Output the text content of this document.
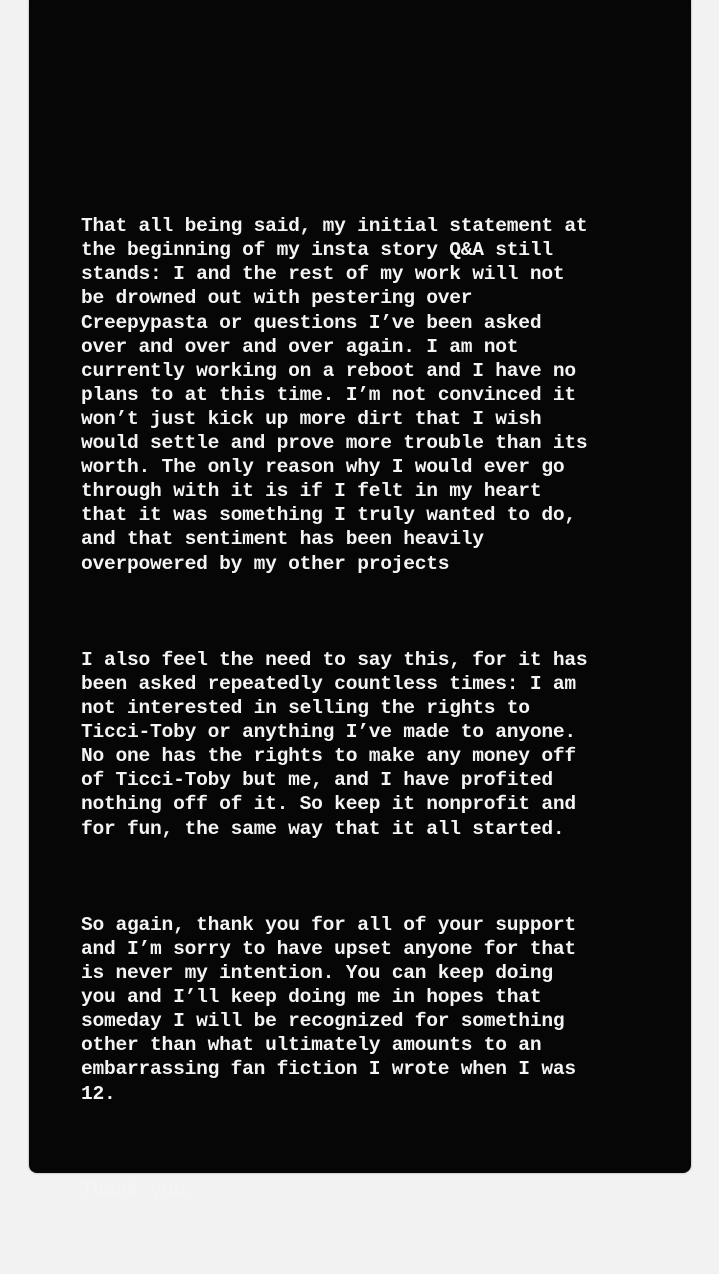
That all being said, my initial statement at
the beginning of my insta story Q&A still
stands: I and the rest of my work will not
be drowned out with pestering over
Creepypasta or questions I’ve been asked
over and over and over again. I am not
currently working on a reboot and I have no
plans to at this time. I’m not convinced it
won’t just kick up more dirt that I wish
would settle and prove more trouble than its
worth. The only reason why I would ever go
through with it is if I felt in my heart
that it was something I truly wanted to do,
and that sentiment has been heavily
overpowered by my other projects

I also feel the need to say this, for it has
been asked repeatedly countless times: I am
not interested in selling the rights to
Ticci-Toby or anything I’ve made to anyone.
No one has the rights to make any money off
of Ticci-Toby but me, and I have profited
nothing off of it. So keep it nonprofit and
for fun, the same way that it all started.

So again, thank you for all of your support
and I’m sorry to have upset anyone for that
is never my intention. You can keep doing
you and I’ll keep doing me in hopes that
someday I will be recognized for something
other than what ultimately amounts to an
embarrassing fan fiction I wrote when I was
12.

Thank you.
